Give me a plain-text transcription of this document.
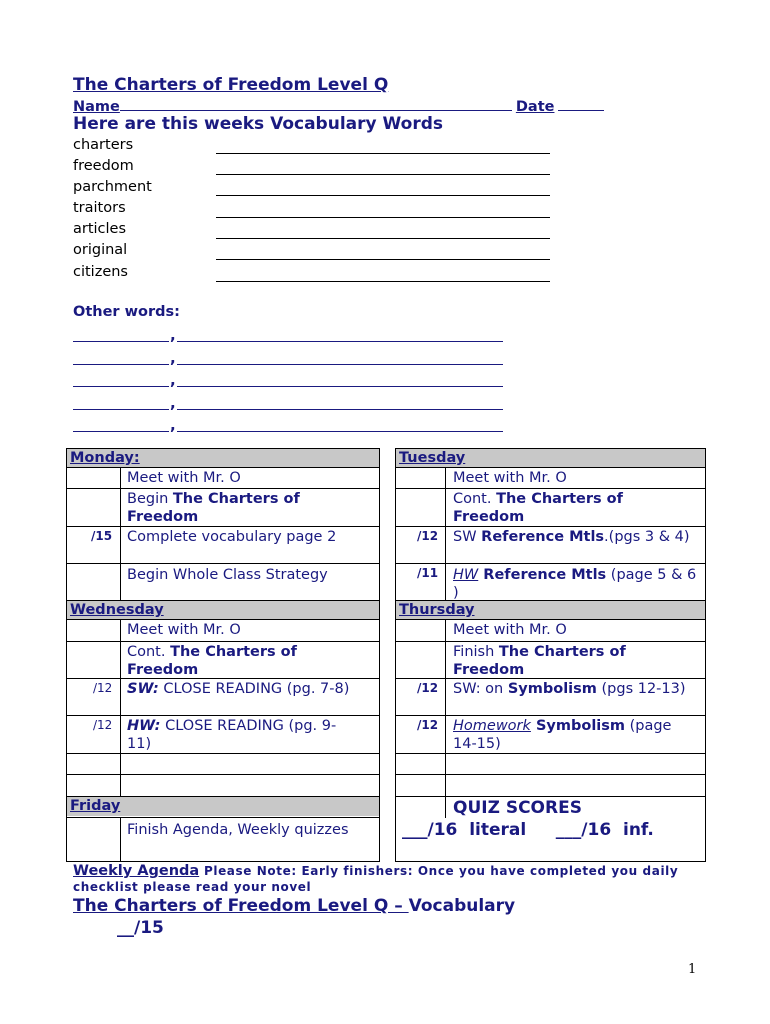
The Charters of Freedom Level Q
Name	Date
Here are this weeks Vocabulary Words
charters
freedom
parchment
traitors
articles
original
citizens
Other words:
,
,
,
,
,
Monday:
Wednesday
Friday
Tuesday
Thursday
Meet with Mr. O
Begin The Charters of Freedom
/15 Complete vocabulary page 2
Begin Whole Class Strategy
Meet with Mr. O
Cont. The Charters of Freedom
/12 SW Reference Mtls.(pgs 3 & 4)
/11 HW Reference Mtls (page 5 & 6 )
Meet with Mr. O
Cont. The Charters of Freedom
/12 SW: CLOSE READING (pg. 7-8)
/12 HW: CLOSE READING (pg. 9-11)
Meet with Mr. O
Finish The Charters of Freedom
/12 SW: on Symbolism (pgs 12-13)
/12 Homework Symbolism (page 14-15)
Finish Agenda, Weekly quizzes
QUIZ SCORES
___/16  literal     ___/16  inf.
Weekly Agenda Please Note: Early finishers: Once you have completed you daily checklist please read your novel
The Charters of Freedom Level Q – Vocabulary
__/15
1
